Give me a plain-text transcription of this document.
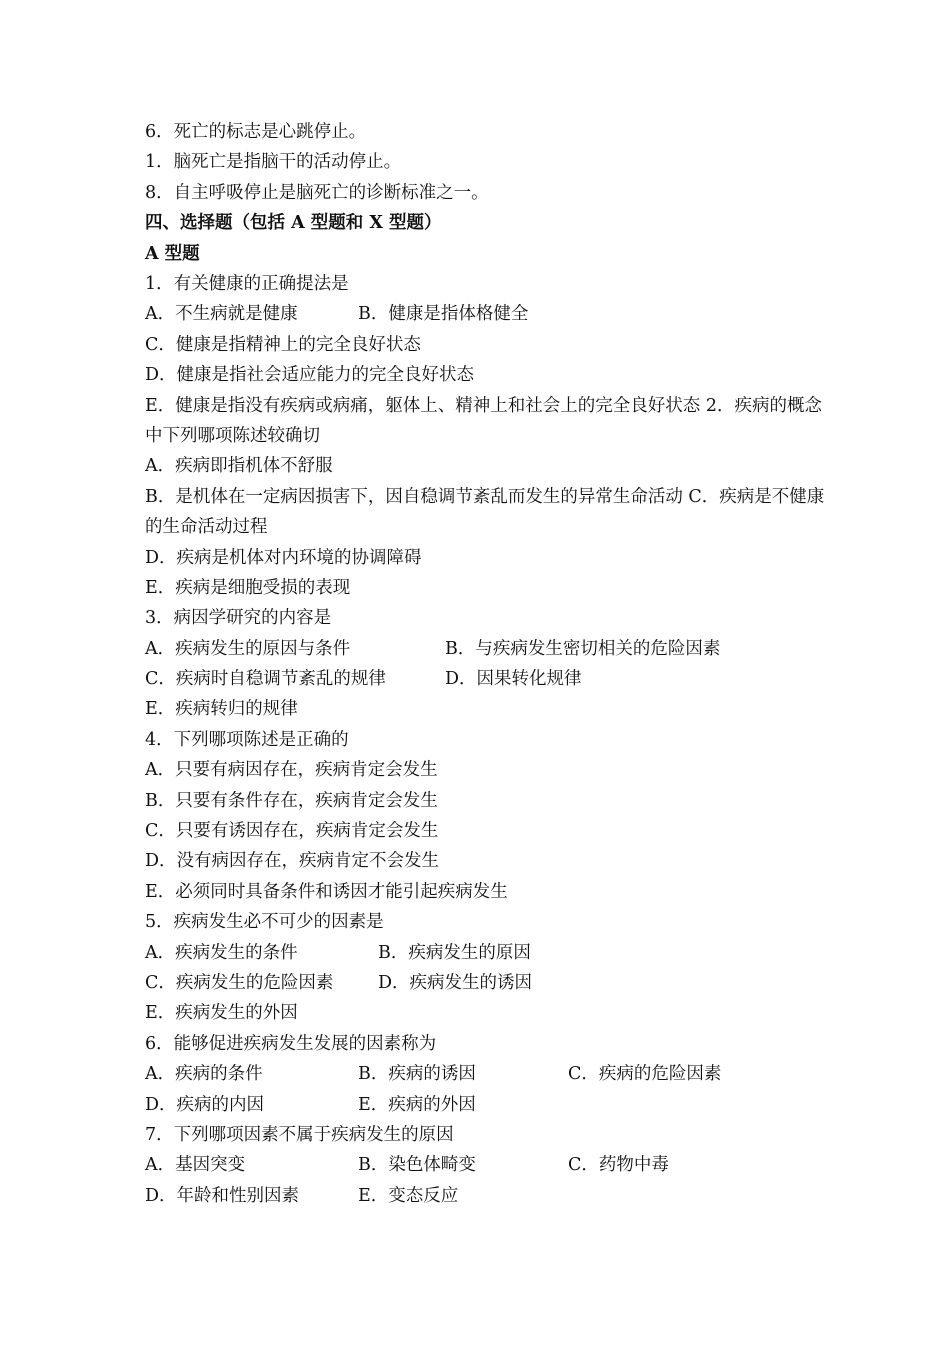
6．死亡的标志是心跳停止。
1．脑死亡是指脑干的活动停止。
8．自主呼吸停止是脑死亡的诊断标准之一。
四、选择题（包括 A 型题和 X 型题）
A 型题
1．有关健康的正确提法是
A．不生病就是健康	B．健康是指体格健全
C．健康是指精神上的完全良好状态
D．健康是指社会适应能力的完全良好状态
E．健康是指没有疾病或病痛，躯体上、精神上和社会上的完全良好状态 2．疾病的概念中下列哪项陈述较确切
A．疾病即指机体不舒服
B．是机体在一定病因损害下，因自稳调节紊乱而发生的异常生命活动 C．疾病是不健康的生命活动过程
D．疾病是机体对内环境的协调障碍
E．疾病是细胞受损的表现
3．病因学研究的内容是
A．疾病发生的原因与条件	B．与疾病发生密切相关的危险因素
C．疾病时自稳调节紊乱的规律	D．因果转化规律
E．疾病转归的规律
4．下列哪项陈述是正确的
A．只要有病因存在，疾病肯定会发生
B．只要有条件存在，疾病肯定会发生
C．只要有诱因存在，疾病肯定会发生
D．没有病因存在，疾病肯定不会发生
E．必须同时具备条件和诱因才能引起疾病发生
5．疾病发生必不可少的因素是
A．疾病发生的条件	B．疾病发生的原因
C．疾病发生的危险因素	D．疾病发生的诱因
E．疾病发生的外因
6．能够促进疾病发生发展的因素称为
A．疾病的条件	B．疾病的诱因	C．疾病的危险因素
D．疾病的内因	E．疾病的外因
7．下列哪项因素不属于疾病发生的原因
A．基因突变	B．染色体畸变	C．药物中毒
D．年龄和性别因素	E．变态反应
